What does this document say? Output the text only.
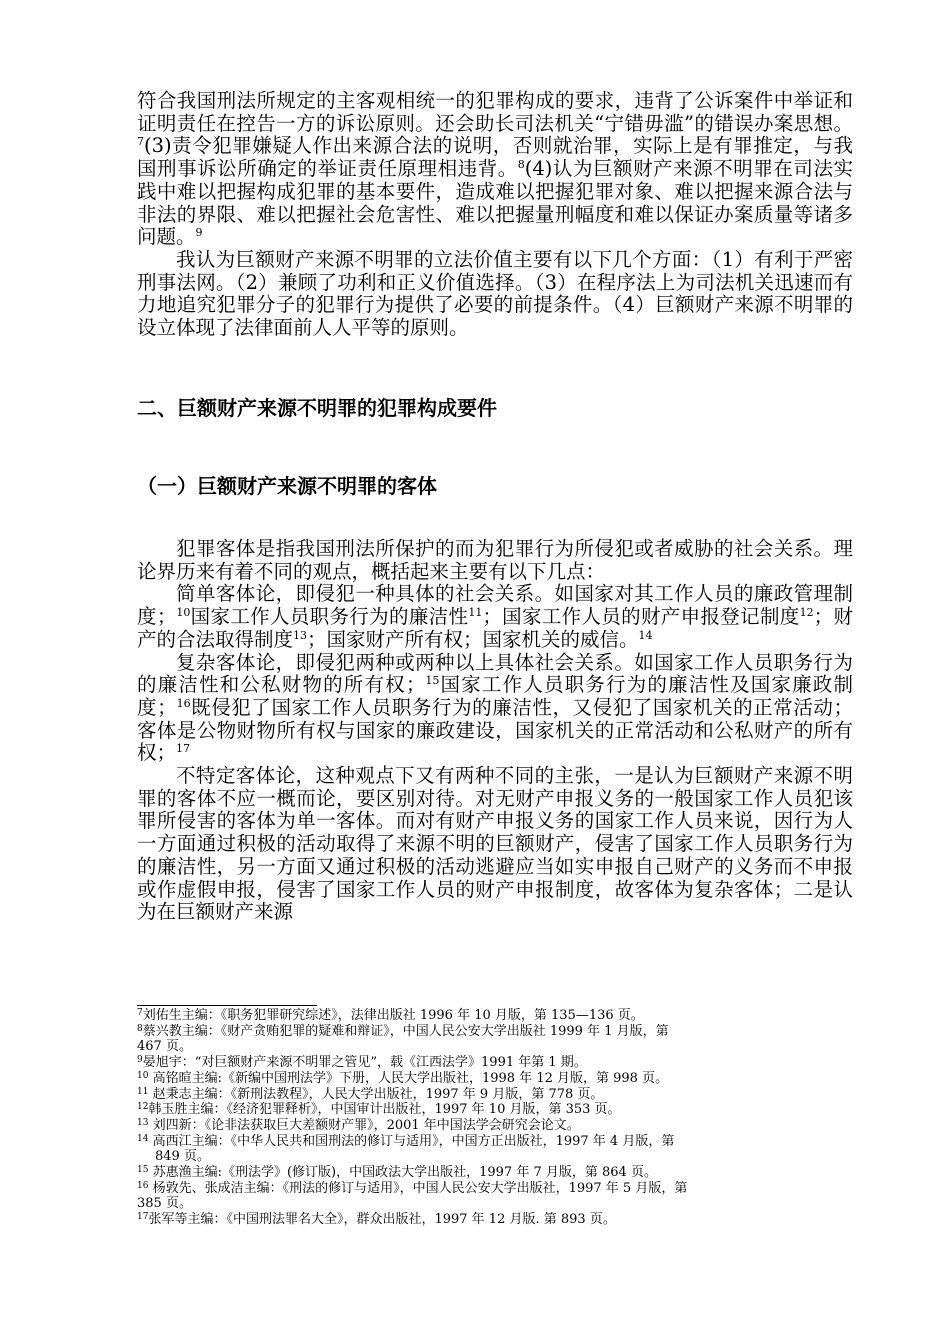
符合我国刑法所规定的主客观相统一的犯罪构成的要求，违背了公诉案件中举证和证明责任在控告一方的诉讼原则。还会助长司法机关“宁错毋滥”的错误办案思想。$^7$(3)责令犯罪嫌疑人作出来源合法的说明，否则就治罪，实际上是有罪推定，与我国刑事诉讼所确定的举证责任原理相违背。$^8$(4)认为巨额财产来源不明罪在司法实践中难以把握构成犯罪的基本要件，造成难以把握犯罪对象、难以把握来源合法与非法的界限、难以把握社会危害性、难以把握量刑幅度和难以保证办案质量等诸多问题。$^9$

我认为巨额财产来源不明罪的立法价值主要有以下几个方面：（1）有利于严密刑事法网。（2）兼顾了功利和正义价值选择。（3）在程序法上为司法机关迅速而有力地追究犯罪分子的犯罪行为提供了必要的前提条件。（4）巨额财产来源不明罪的设立体现了法律面前人人平等的原则。

二、巨额财产来源不明罪的犯罪构成要件
（一）巨额财产来源不明罪的客体

犯罪客体是指我国刑法所保护的而为犯罪行为所侵犯或者威胁的社会关系。理论界历来有着不同的观点，概括起来主要有以下几点：

简单客体论，即侵犯一种具体的社会关系。如国家对其工作人员的廉政管理制度；$^{10}$国家工作人员职务行为的廉洁性$^{11}$；国家工作人员的财产申报登记制度$^{12}$；财产的合法取得制度$^{13}$；国家财产所有权；国家机关的威信。$^{14}$

复杂客体论，即侵犯两种或两种以上具体社会关系。如国家工作人员职务行为的廉洁性和公私财物的所有权；$^{15}$国家工作人员职务行为的廉洁性及国家廉政制度；$^{16}$既侵犯了国家工作人员职务行为的廉洁性，又侵犯了国家机关的正常活动；客体是公物财物所有权与国家的廉政建设，国家机关的正常活动和公私财产的所有权；$^{17}$

不特定客体论，这种观点下又有两种不同的主张，一是认为巨额财产来源不明罪的客体不应一概而论，要区别对待。对无财产申报义务的一般国家工作人员犯该罪所侵害的客体为单一客体。而对有财产申报义务的国家工作人员来说，因行为人一方面通过积极的活动取得了来源不明的巨额财产，侵害了国家工作人员职务行为的廉洁性，另一方面又通过积极的活动逃避应当如实申报自己财产的义务而不申报或作虚假申报，侵害了国家工作人员的财产申报制度，故客体为复杂客体；二是认为在巨额财产来源

$^7$刘佑生主编：《职务犯罪研究综述》，法律出版社 1996 年 10 月版，第 135—136 页。

$^8$蔡兴教主编：《财产贪贿犯罪的疑难和辩证》，中国人民公安大学出版社 1999 年 1 月版，第
467 页。

$^9$晏旭宇：“对巨额财产来源不明罪之管见”，载《江西法学》1991 年第 1 期。

$^{10}$ 高铭暄主编:《新编中国刑法学》下册，人民大学出版社，1998 年 12 月版，第 998 页。

$^{11}$ 赵秉志主编：《新刑法教程》，人民大学出版社，1997 年 9 月版，第 778 页。

$^{12}$韩玉胜主编：《经济犯罪释析》，中国审计出版社，1997 年 10 月版，第 353 页。

$^{13}$ 刘四新：《论非法获取巨大差额财产罪》，2001 年中国法学会研究会论文。

$^{14}$ 高西江主编：《中华人民共和国刑法的修订与适用》，中国方正出版社，1997 年 4 月版，第
849 页。

$^{15}$ 苏惠渔主编:《刑法学》(修订版)，中国政法大学出版社，1997 年 7 月版，第 864 页。

$^{16}$ 杨敦先、张成洁主编：《刑法的修订与适用》，中国人民公安大学出版社，1997 年 5 月版，第
385 页。

$^{17}$张军等主编：《中国刑法罪名大全》，群众出版社，1997 年 12 月版. 第 893 页。
